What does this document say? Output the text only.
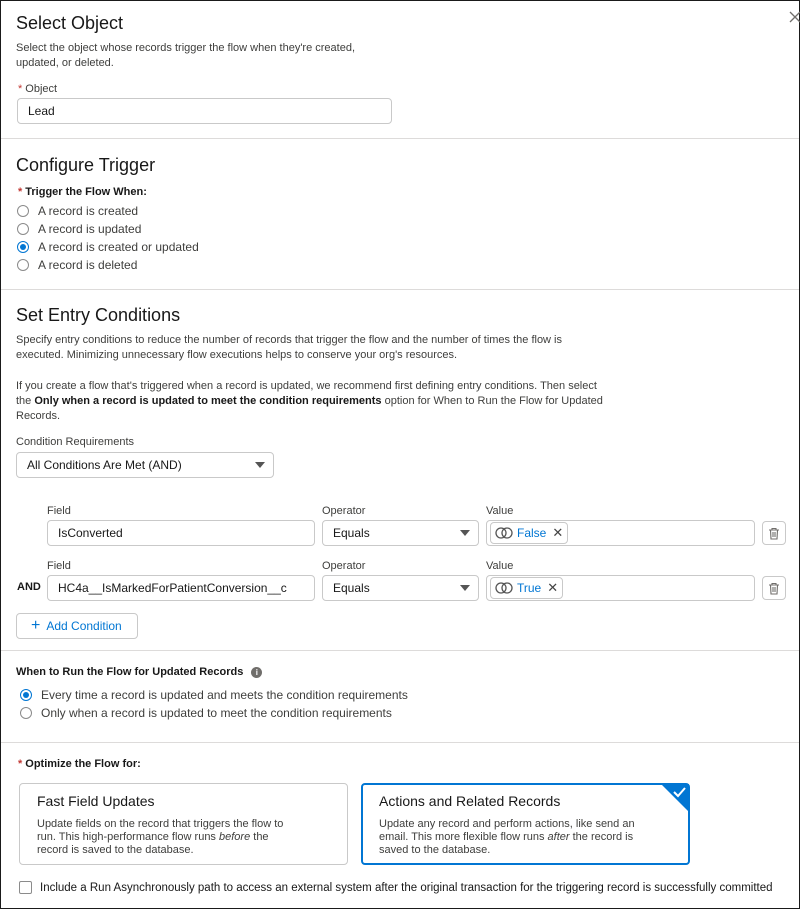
Select Object
Select the object whose records trigger the flow when they're created,
updated, or deleted.
* Object
Lead
Configure Trigger
* Trigger the Flow When:
A record is created
A record is updated
A record is created or updated
A record is deleted
Set Entry Conditions
Specify entry conditions to reduce the number of records that trigger the flow and the number of times the flow is
executed. Minimizing unnecessary flow executions helps to conserve your org's resources.
If you create a flow that's triggered when a record is updated, we recommend first defining entry conditions. Then select
the Only when a record is updated to meet the condition requirements option for When to Run the Flow for Updated
Records.
Condition Requirements
All Conditions Are Met (AND)
Field	Operator	Value
IsConverted	Equals	False ✕
Field	Operator	Value
AND HC4a__IsMarkedForPatientConversion__c	Equals	True ✕
+ Add Condition
When to Run the Flow for Updated Records	i
Every time a record is updated and meets the condition requirements
Only when a record is updated to meet the condition requirements
* Optimize the Flow for:
Fast Field Updates
Update fields on the record that triggers the flow to
run. This high-performance flow runs before the
record is saved to the database.
Actions and Related Records
Update any record and perform actions, like send an
email. This more flexible flow runs after the record is
saved to the database.
Include a Run Asynchronously path to access an external system after the original transaction for the triggering record is successfully committed
